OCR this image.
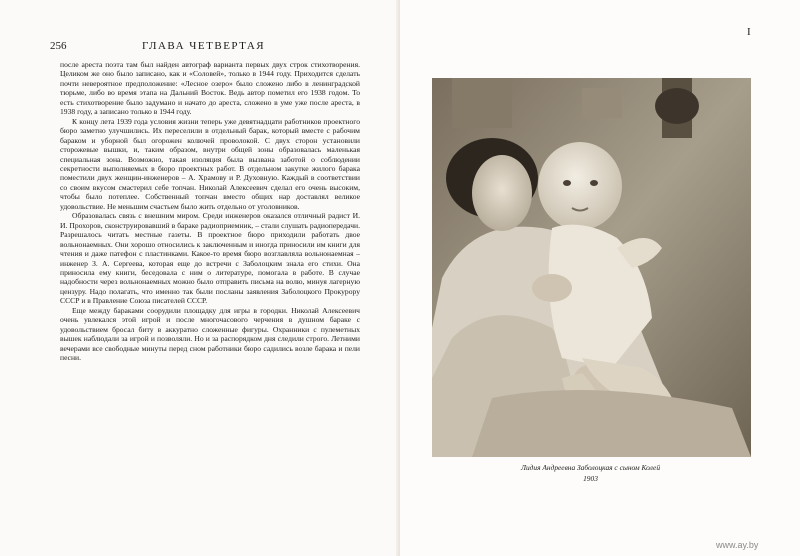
256	ГЛАВА ЧЕТВЕРТАЯ

после ареста поэта там был найден автограф варианта первых двух строк стихотворения. Целиком же оно было записано, как и «Соловей», только в 1944 году. Приходится сделать почти невероятное предположение: «Лесное озеро» было сложено либо в ленинградской тюрьме, либо во время этапа на Дальний Восток. Ведь автор пометил его 1938 годом. То есть стихотворение было задумано и начато до ареста, сложено в уме уже после ареста, в 1938 году, а записано только в 1944 году.

К концу лета 1939 года условия жизни теперь уже девятнадцати работников проектного бюро заметно улучшились. Их переселили в отдельный барак, который вместе с рабочим бараком и уборной был огорожен колючей проволокой. С двух сторон установили сторожевые вышки, и, таким образом, внутри общей зоны образовалась маленькая специальная зона. Возможно, такая изоляция была вызвана заботой о соблюдении секретности выполняемых в бюро проектных работ. В отдельном закутке жилого барака поместили двух женщин-инженеров – А. Храмову и Р. Духовную. Каждый в соответствии со своим вкусом смастерил себе топчан. Николай Алексеевич сделал его очень высоким, чтобы было потеплее. Собственный топчан вместо общих нар доставлял великое удовольствие. Не меньшим счастьем было жить отдельно от уголовников.

Образовалась связь с внешним миром. Среди инженеров оказался отличный радист И. И. Прохоров, сконструировавший в бараке радиоприемник, – стали слушать радиопередачи. Разрешалось читать местные газеты. В проектное бюро приходили работать двое вольнонаемных. Они хорошо относились к заключенным и иногда приносили им книги для чтения и даже патефон с пластинками. Какое-то время бюро возглавляла вольнонаемная – инженер З. А. Сергеева, которая еще до встречи с Заболоцким знала его стихи. Она приносила ему книги, беседовала с ним о литературе, помогала в работе. В случае надобности через вольнонаемных можно было отправить письма на волю, минуя лагерную цензуру. Надо полагать, что именно так были посланы заявления Заболоцкого Прокурору СССР и в Правление Союза писателей СССР.

Еще между бараками соорудили площадку для игры в городки. Николай Алексеевич очень увлекался этой игрой и после многочасового черчения в душном бараке с удовольствием бросал биту в аккуратно сложенные фигуры. Охранники с пулеметных вышек наблюдали за игрой и позволяли. Но и за распорядком дня следили строго. Летними вечерами все свободные минуты перед сном работники бюро садились возле барака и пели песни.

I
Лидия Андреевна Заболоцкая с сыном Колей
1903
www.ay.by
